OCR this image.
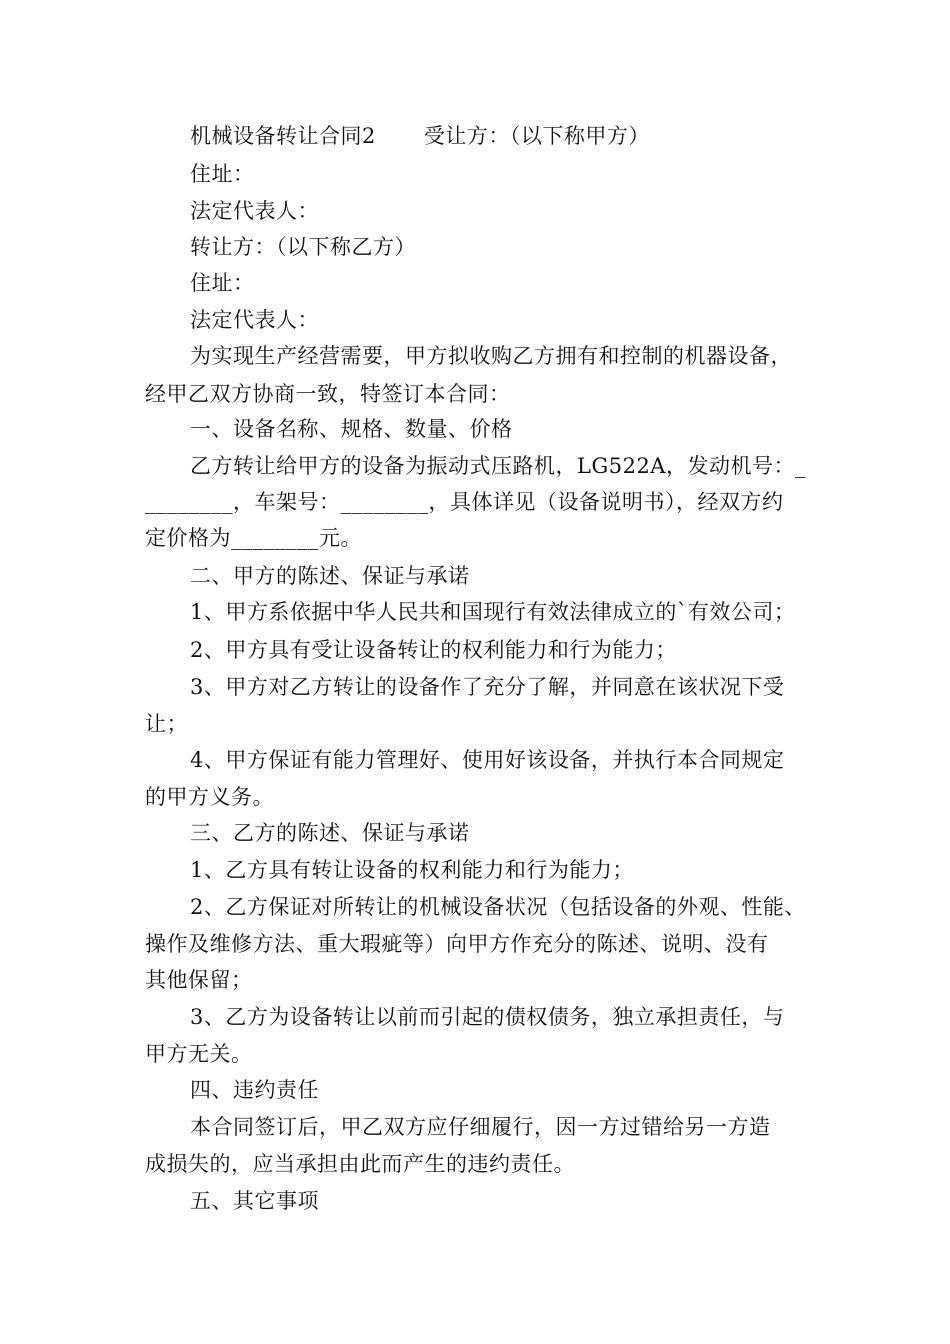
机械设备转让合同2 受让方：（以下称甲方）
住址：
法定代表人：
转让方：（以下称乙方）
住址：
法定代表人：
为实现生产经营需要，甲方拟收购乙方拥有和控制的机器设备，
经甲乙双方协商一致，特签订本合同：
一、设备名称、规格、数量、价格
乙方转让给甲方的设备为振动式压路机，LG522A，发动机号：_
________，车架号：________，具体详见（设备说明书），经双方约
定价格为________元。
二、甲方的陈述、保证与承诺
1、甲方系依据中华人民共和国现行有效法律成立的`有效公司；
2、甲方具有受让设备转让的权利能力和行为能力；
3、甲方对乙方转让的设备作了充分了解，并同意在该状况下受
让；
4、甲方保证有能力管理好、使用好该设备，并执行本合同规定
的甲方义务。
三、乙方的陈述、保证与承诺
1、乙方具有转让设备的权利能力和行为能力；
2、乙方保证对所转让的机械设备状况（包括设备的外观、性能、
操作及维修方法、重大瑕疵等）向甲方作充分的陈述、说明、没有
其他保留；
3、乙方为设备转让以前而引起的债权债务，独立承担责任，与
甲方无关。
四、违约责任
本合同签订后，甲乙双方应仔细履行，因一方过错给另一方造
成损失的，应当承担由此而产生的违约责任。
五、其它事项
